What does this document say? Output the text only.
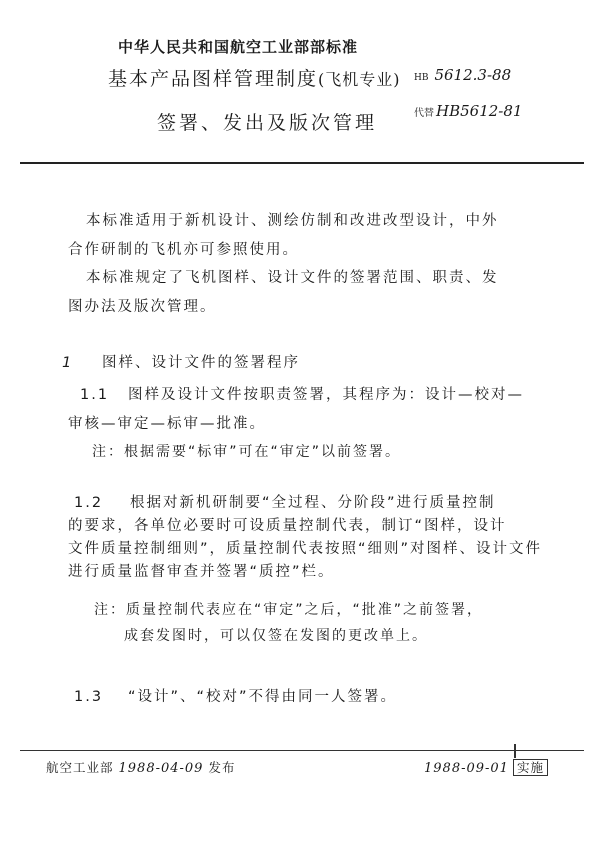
中华人民共和国航空工业部部标准
基本产品图样管理制度(飞机专业)
签署、发出及版次管理
HB 5612.3-88
代替 HB5612-81
本标准适用于新机设计、测绘仿制和改进改型设计，中外
合作研制的飞机亦可参照使用。
本标准规定了飞机图样、设计文件的签署范围、职责、发
图办法及版次管理。
1 图样、设计文件的签署程序
1.1 图样及设计文件按职责签署，其程序为：设计—校对—
审核—审定—标审—批准。
注：根据需要“标审”可在“审定”以前签署。
1.2 根据对新机研制要“全过程、分阶段”进行质量控制
的要求，各单位必要时可设质量控制代表，制订“图样，设计
文件质量控制细则”，质量控制代表按照“细则”对图样、设计文件
进行质量监督审查并签署“质控”栏。
注：质量控制代表应在“审定”之后，“批准”之前签署，
成套发图时，可以仅签在发图的更改单上。
1.3 “设计”、“校对”不得由同一人签署。
航空工业部 1988-04-09 发布	1988-09-01 实施
